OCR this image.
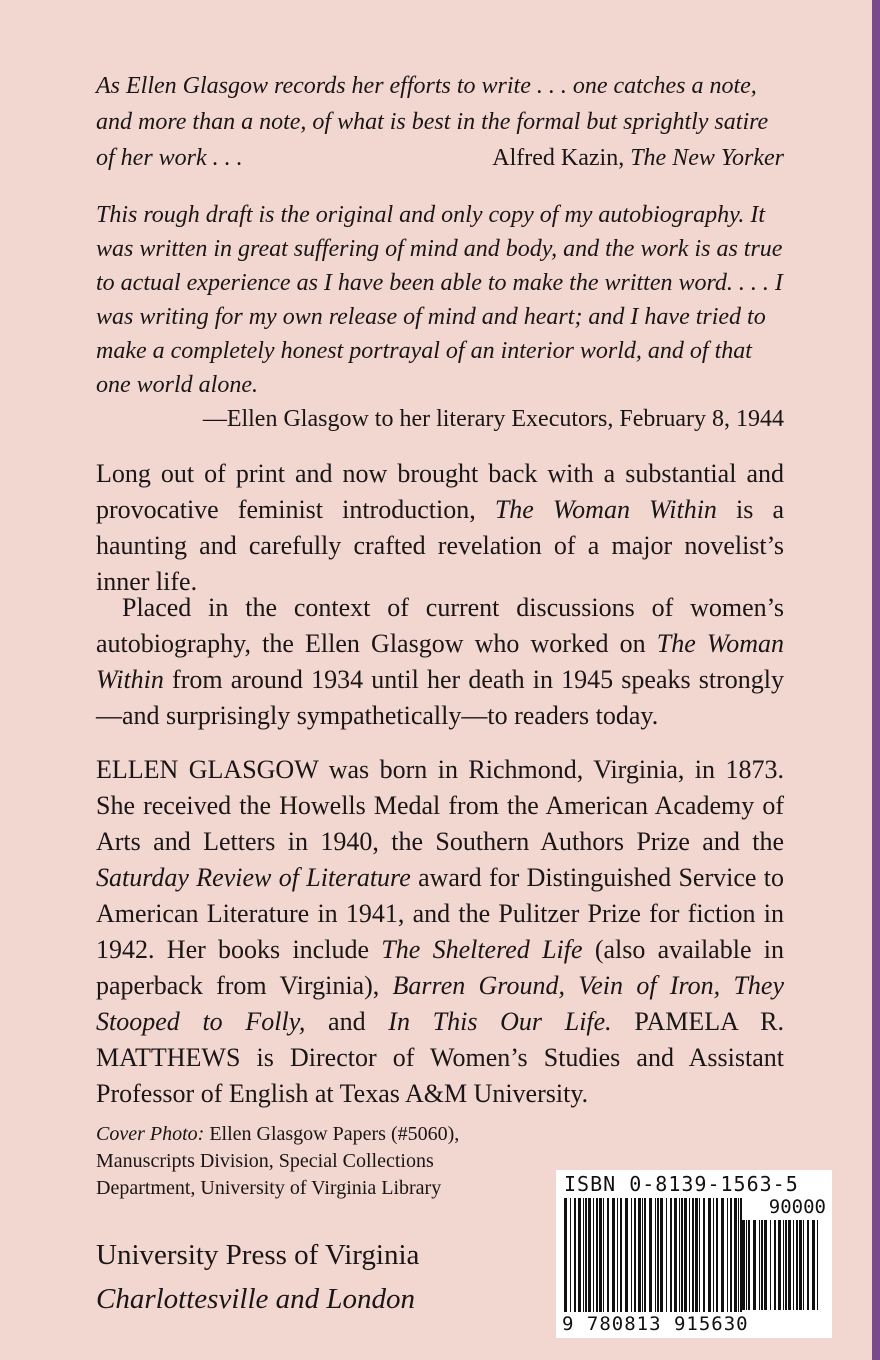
As Ellen Glasgow records her efforts to write . . . one catches a note, and more than a note, of what is best in the formal but sprightly satire of her work . . .	Alfred Kazin, The New Yorker
This rough draft is the original and only copy of my autobiography. It was written in great suffering of mind and body, and the work is as true to actual experience as I have been able to make the written word. . . . I was writing for my own release of mind and heart; and I have tried to make a completely honest portrayal of an interior world, and of that one world alone.
—Ellen Glasgow to her literary Executors, February 8, 1944

Long out of print and now brought back with a substantial and provocative feminist introduction, The Woman Within is a haunting and carefully crafted revelation of a major novelist’s inner life.

Placed in the context of current discussions of women’s autobiography, the Ellen Glasgow who worked on The Woman Within from around 1934 until her death in 1945 speaks strongly—and surprisingly sympathetically—to readers today.

ELLEN GLASGOW was born in Richmond, Virginia, in 1873. She received the Howells Medal from the American Academy of Arts and Letters in 1940, the Southern Authors Prize and the Saturday Review of Literature award for Distinguished Service to American Literature in 1941, and the Pulitzer Prize for fiction in 1942. Her books include The Sheltered Life (also available in paperback from Virginia), Barren Ground, Vein of Iron, They Stooped to Folly, and In This Our Life. PAMELA R. MATTHEWS is Director of Women’s Studies and Assistant Professor of English at Texas A&M University.
Cover Photo: Ellen Glasgow Papers (#5060), Manuscripts Division, Special Collections Department, University of Virginia Library
University Press of Virginia
Charlottesville and London
ISBN 0-8139-1563-5
90000
9 780813 915630
